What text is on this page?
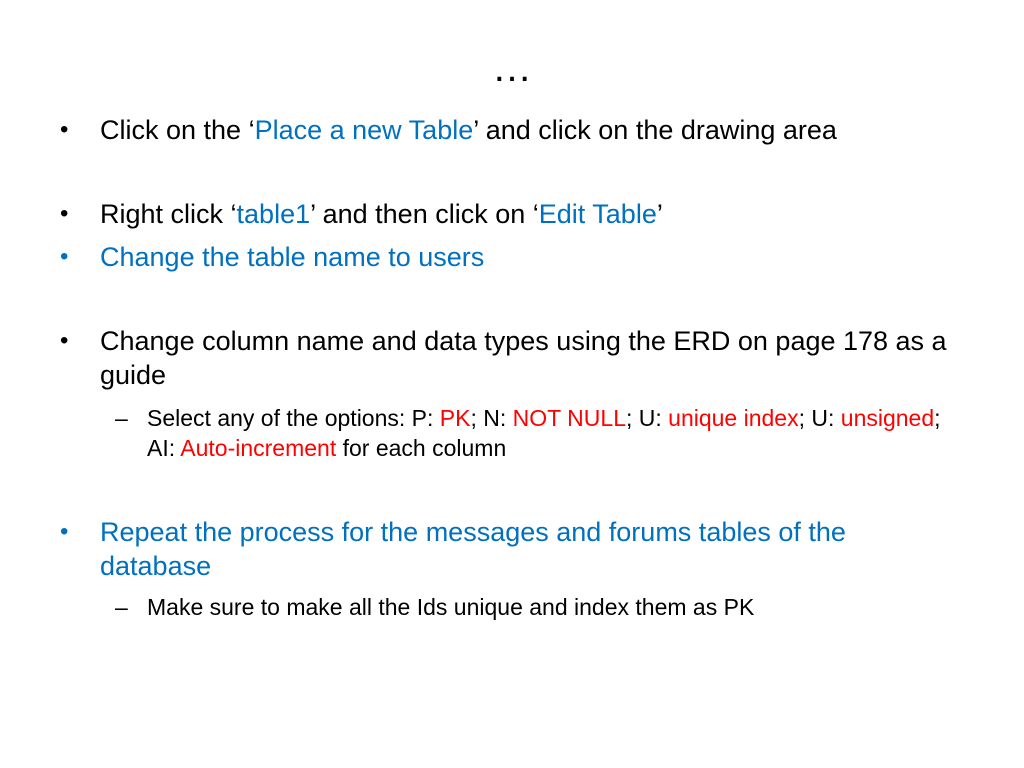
…
• Click on the ‘Place a new Table’ and click on the drawing area
• Right click ‘table1’ and then click on ‘Edit Table’
• Change the table name to users
• Change column name and data types using the ERD on page 178 as a guide
– Select any of the options: P: PK; N: NOT NULL; U: unique index; U: unsigned; AI: Auto-increment for each column
• Repeat the process for the messages and forums tables of the database
– Make sure to make all the Ids unique and index them as PK
